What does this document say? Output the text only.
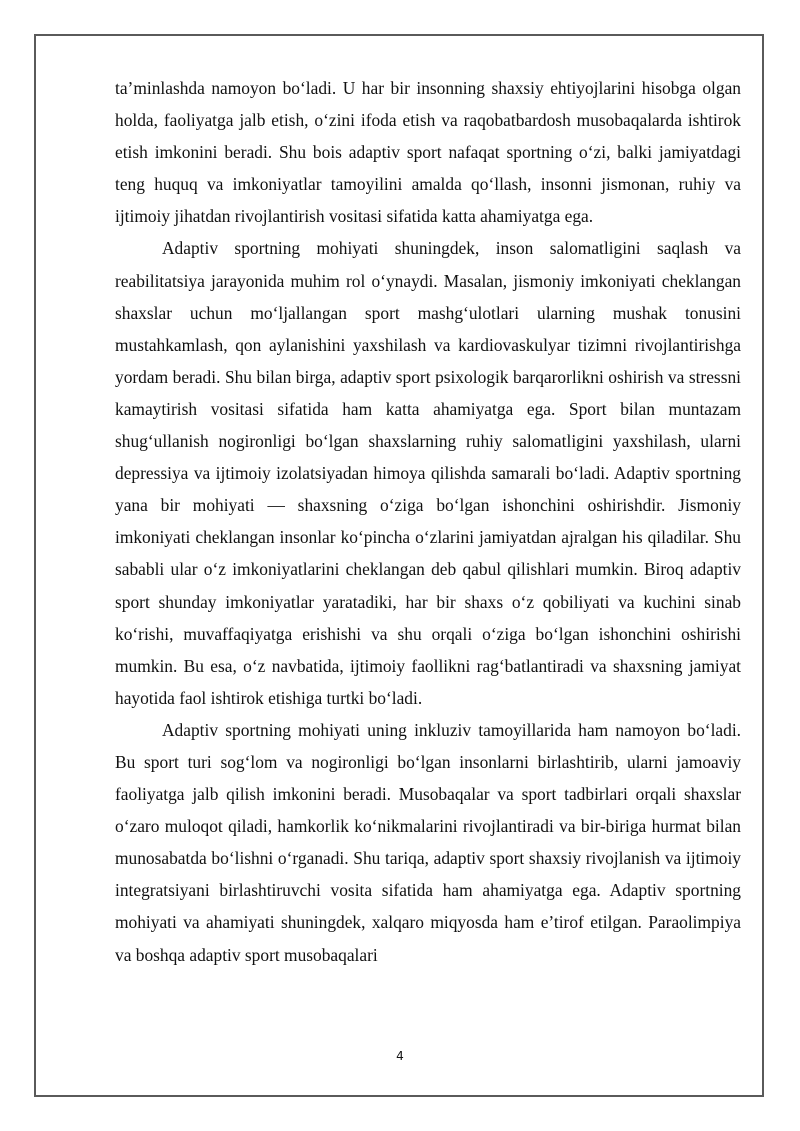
ta’minlashda namoyon bo‘ladi. U har bir insonning shaxsiy ehtiyojlarini hisobga olgan holda, faoliyatga jalb etish, o‘zini ifoda etish va raqobatbardosh musobaqalarda ishtirok etish imkonini beradi. Shu bois adaptiv sport nafaqat sportning o‘zi, balki jamiyatdagi teng huquq va imkoniyatlar tamoyilini amalda qo‘llash, insonni jismonan, ruhiy va ijtimoiy jihatdan rivojlantirish vositasi sifatida katta ahamiyatga ega.

Adaptiv sportning mohiyati shuningdek, inson salomatligini saqlash va reabilitatsiya jarayonida muhim rol o‘ynaydi. Masalan, jismoniy imkoniyati cheklangan shaxslar uchun mo‘ljallangan sport mashg‘ulotlari ularning mushak tonusini mustahkamlash, qon aylanishini yaxshilash va kardiovaskulyar tizimni rivojlantirishga yordam beradi. Shu bilan birga, adaptiv sport psixologik barqarorlikni oshirish va stressni kamaytirish vositasi sifatida ham katta ahamiyatga ega. Sport bilan muntazam shug‘ullanish nogironligi bo‘lgan shaxslarning ruhiy salomatligini yaxshilash, ularni depressiya va ijtimoiy izolatsiyadan himoya qilishda samarali bo‘ladi. Adaptiv sportning yana bir mohiyati — shaxsning o‘ziga bo‘lgan ishonchini oshirishdir. Jismoniy imkoniyati cheklangan insonlar ko‘pincha o‘zlarini jamiyatdan ajralgan his qiladilar. Shu sababli ular o‘z imkoniyatlarini cheklangan deb qabul qilishlari mumkin. Biroq adaptiv sport shunday imkoniyatlar yaratadiki, har bir shaxs o‘z qobiliyati va kuchini sinab ko‘rishi, muvaffaqiyatga erishishi va shu orqali o‘ziga bo‘lgan ishonchini oshirishi mumkin. Bu esa, o‘z navbatida, ijtimoiy faollikni rag‘batlantiradi va shaxsning jamiyat hayotida faol ishtirok etishiga turtki bo‘ladi.

Adaptiv sportning mohiyati uning inkluziv tamoyillarida ham namoyon bo‘ladi. Bu sport turi sog‘lom va nogironligi bo‘lgan insonlarni birlashtirib, ularni jamoaviy faoliyatga jalb qilish imkonini beradi. Musobaqalar va sport tadbirlari orqali shaxslar o‘zaro muloqot qiladi, hamkorlik ko‘nikmalarini rivojlantiradi va bir-biriga hurmat bilan munosabatda bo‘lishni o‘rganadi. Shu tariqa, adaptiv sport shaxsiy rivojlanish va ijtimoiy integratsiyani birlashtiruvchi vosita sifatida ham ahamiyatga ega. Adaptiv sportning mohiyati va ahamiyati shuningdek, xalqaro miqyosda ham e’tirof etilgan. Paraolimpiya va boshqa adaptiv sport musobaqalari

4
